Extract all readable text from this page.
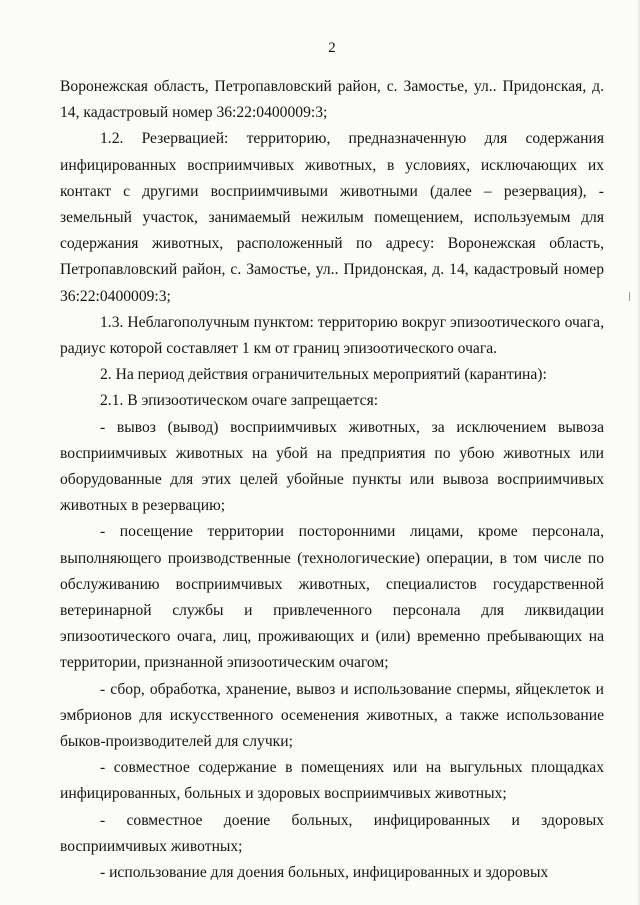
2

Воронежская область, Петропавловский район, с. Замостье, ул.. Придонская, д. 14, кадастровый номер 36:22:0400009:3;

1.2. Резервацией: территорию, предназначенную для содержания инфицированных восприимчивых животных, в условиях, исключающих их контакт с другими восприимчивыми животными (далее – резервация), - земельный участок, занимаемый нежилым помещением, используемым для содержания животных, расположенный по адресу: Воронежская область, Петропавловский район, с. Замостье, ул.. Придонская, д. 14, кадастровый номер 36:22:0400009:3;

1.3. Неблагополучным пунктом: территорию вокруг эпизоотического очага, радиус которой составляет 1 км от границ эпизоотического очага.

2. На период действия ограничительных мероприятий (карантина):

2.1. В эпизоотическом очаге запрещается:

- вывоз (вывод) восприимчивых животных, за исключением вывоза восприимчивых животных на убой на предприятия по убою животных или оборудованные для этих целей убойные пункты или вывоза восприимчивых животных в резервацию;

- посещение территории посторонними лицами, кроме персонала, выполняющего производственные (технологические) операции, в том числе по обслуживанию восприимчивых животных, специалистов государственной ветеринарной службы и привлеченного персонала для ликвидации эпизоотического очага, лиц, проживающих и (или) временно пребывающих на территории, признанной эпизоотическим очагом;

- сбор, обработка, хранение, вывоз и использование спермы, яйцеклеток и эмбрионов для искусственного осеменения животных, а также использование быков-производителей для случки;

- совместное содержание в помещениях или на выгульных площадках инфицированных, больных и здоровых восприимчивых животных;

- совместное доение больных, инфицированных и здоровых восприимчивых животных;

- использование для доения больных, инфицированных и здоровых
